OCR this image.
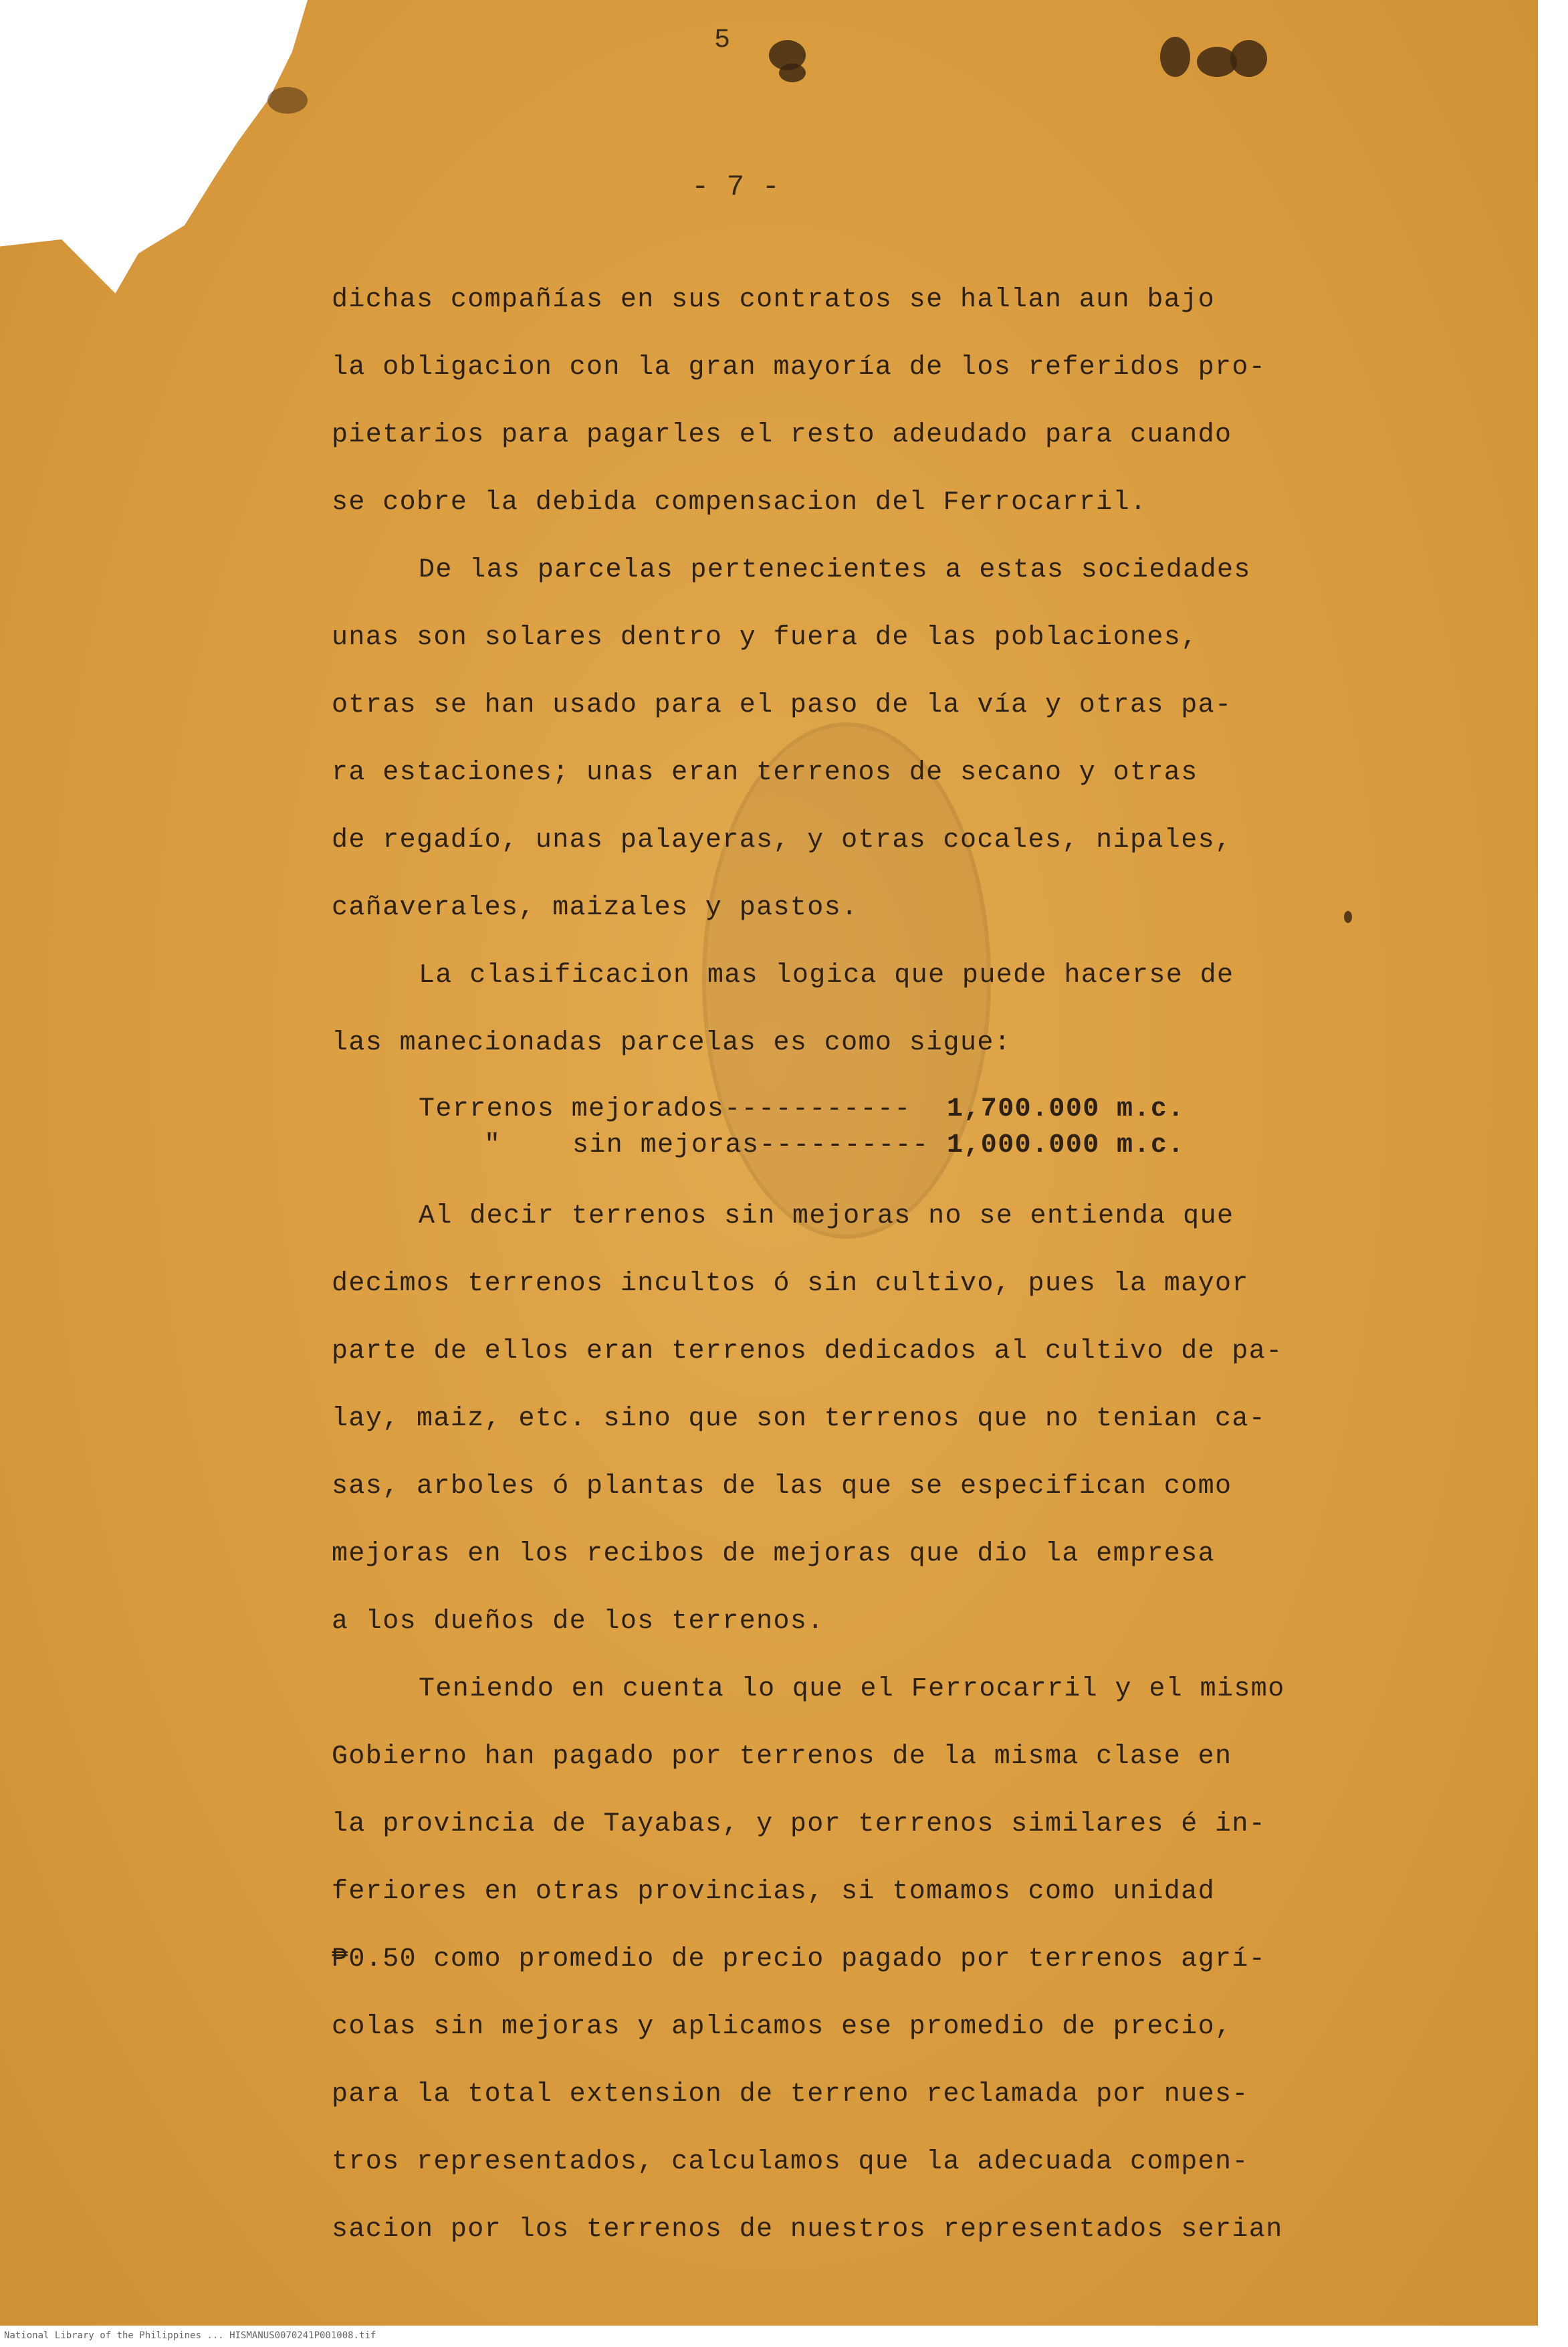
5
- 7 -
dichas compañías en sus contratos se hallan aun bajo
la obligacion con la gran mayoría de los referidos pro-
pietarios para pagarles el resto adeudado para cuando
se cobre la debida compensacion del Ferrocarril.
De las parcelas pertenecientes a estas sociedades
unas son solares dentro y fuera de las poblaciones,
otras se han usado para el paso de la vía y otras pa-
ra estaciones; unas eran terrenos de secano y otras
de regadío, unas palayeras, y otras cocales, nipales,
cañaverales, maizales y pastos.
La clasificacion mas logica que puede hacerse de
las manecionadas parcelas es como sigue:
Terrenos mejorados----------- 1,700.000 m.c.
"	sin mejoras---------- 1,000.000 m.c.
Al decir terrenos sin mejoras no se entienda que
decimos terrenos incultos ó sin cultivo, pues la mayor
parte de ellos eran terrenos dedicados al cultivo de pa-
lay, maiz, etc. sino que son terrenos que no tenian ca-
sas, arboles ó plantas de las que se especifican como
mejoras en los recibos de mejoras que dio la empresa
a los dueños de los terrenos.
Teniendo en cuenta lo que el Ferrocarril y el mismo
Gobierno han pagado por terrenos de la misma clase en
la provincia de Tayabas, y por terrenos similares é in-
feriores en otras provincias, si tomamos como unidad
₱0.50 como promedio de precio pagado por terrenos agrí-
colas sin mejoras y aplicamos ese promedio de precio,
para la total extension de terreno reclamada por nues-
tros representados, calculamos que la adecuada compen-
sacion por los terrenos de nuestros representados serian
National Library of the Philippines ... HISMANUS0070241P001008.tif
